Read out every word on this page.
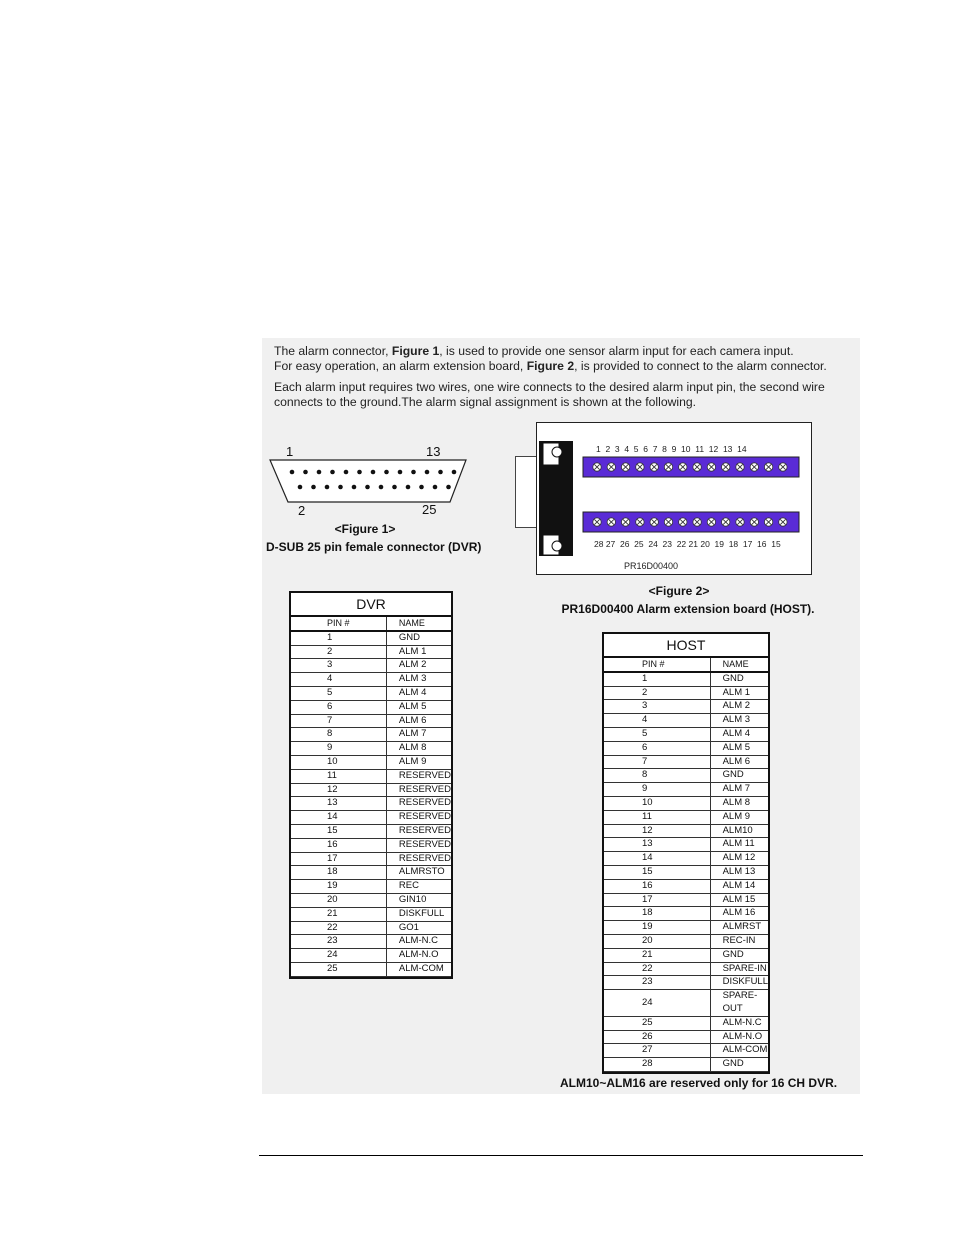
The alarm connector, Figure 1, is used to provide one sensor alarm input for each camera input.
For easy operation, an alarm extension board, Figure 2, is provided to connect to the alarm connector.

Each alarm input requires two wires, one wire connects to the desired alarm input pin, the second wire connects to the ground.The alarm signal assignment is shown at the following.

1	13
2	25
<Figure 1>
D-SUB 25 pin female connector (DVR)
1  2  3  4  5  6  7  8  9  10  11  12  13  14
28 27  26  25  24  23  22 21 20  19  18  17  16  15
PR16D00400
<Figure 2>
PR16D00400 Alarm extension board (HOST).
DVR
PIN #	NAME
1	GND
2	ALM 1
3	ALM 2
4	ALM 3
5	ALM 4
6	ALM 5
7	ALM 6
8	ALM 7
9	ALM 8
10	ALM 9
11	RESERVED
12	RESERVED
13	RESERVED
14	RESERVED
15	RESERVED
16	RESERVED
17	RESERVED
18	ALMRSTO
19	REC
20	GIN10
21	DISKFULL
22	GO1
23	ALM-N.C
24	ALM-N.O
25	ALM-COM
HOST
PIN #	NAME
1	GND
2	ALM 1
3	ALM 2
4	ALM 3
5	ALM 4
6	ALM 5
7	ALM 6
8	GND
9	ALM 7
10	ALM 8
11	ALM 9
12	ALM10
13	ALM 11
14	ALM 12
15	ALM 13
16	ALM 14
17	ALM 15
18	ALM 16
19	ALMRST
20	REC-IN
21	GND
22	SPARE-IN
23	DISKFULL
24	SPARE-OUT
25	ALM-N.C
26	ALM-N.O
27	ALM-COM
28	GND
ALM10~ALM16 are reserved only for 16 CH DVR.
